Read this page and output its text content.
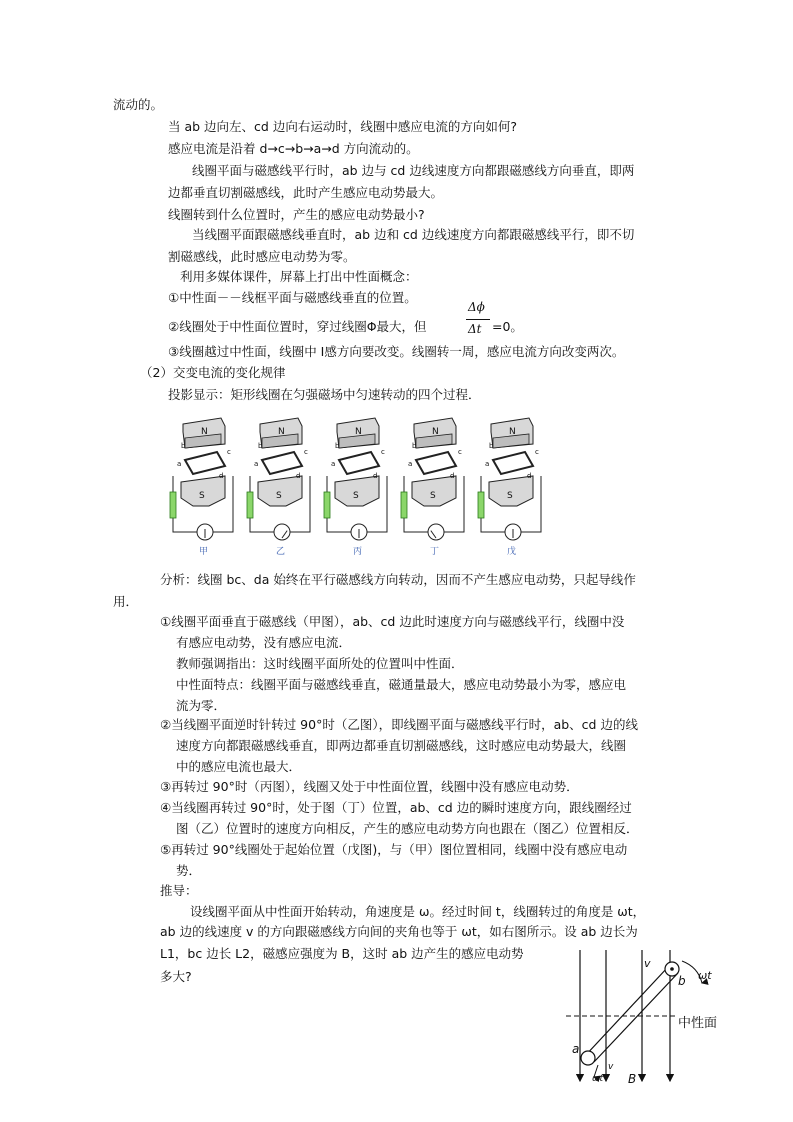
流动的。
当 ab 边向左、cd 边向右运动时，线圈中感应电流的方向如何?
感应电流是沿着 d→c→b→a→d 方向流动的。
线圈平面与磁感线平行时，ab 边与 cd 边线速度方向都跟磁感线方向垂直，即两
边都垂直切割磁感线，此时产生感应电动势最大。
线圈转到什么位置时，产生的感应电动势最小?
当线圈平面跟磁感线垂直时，ab 边和 cd 边线速度方向都跟磁感线平行，即不切
割磁感线，此时感应电动势为零。
利用多媒体课件，屏幕上打出中性面概念：
①中性面－－线框平面与磁感线垂直的位置。
②线圈处于中性面位置时，穿过线圈Φ最大，但
Δϕ
Δt =0。
③线圈越过中性面，线圈中 I感方向要改变。线圈转一周，感应电流方向改变两次。
（2）交变电流的变化规律
投影显示：矩形线圈在匀强磁场中匀速转动的四个过程．
N
S
a
b
c
d
甲
N
S
a
b
c
d
乙
N
S
a
b
c
d
丙
N
S
a
b
c
d
丁
N
S
a
b
c
d
戊
分析：线圈 bc、da 始终在平行磁感线方向转动，因而不产生感应电动势，只起导线作
用．
①线圈平面垂直于磁感线（甲图），ab、cd 边此时速度方向与磁感线平行，线圈中没
有感应电动势，没有感应电流．
教师强调指出：这时线圈平面所处的位置叫中性面．
中性面特点：线圈平面与磁感线垂直，磁通量最大，感应电动势最小为零，感应电
流为零．
②当线圈平面逆时针转过 90°时（乙图），即线圈平面与磁感线平行时，ab、cd 边的线
速度方向都跟磁感线垂直，即两边都垂直切割磁感线，这时感应电动势最大，线圈
中的感应电流也最大．
③再转过 90°时（丙图），线圈又处于中性面位置，线圈中没有感应电动势．
④当线圈再转过 90°时，处于图（丁）位置，ab、cd 边的瞬时速度方向，跟线圈经过
图（乙）位置时的速度方向相反，产生的感应电动势方向也跟在（图乙）位置相反．
⑤再转过 90°线圈处于起始位置（戊图)，与（甲）图位置相同，线圈中没有感应电动
势．
推导：
设线圈平面从中性面开始转动，角速度是 ω。经过时间 t，线圈转过的角度是 ωt，
ab 边的线速度 v 的方向跟磁感线方向间的夹角也等于 ωt，如右图所示。设 ab 边长为
L1，bc 边长 L2，磁感应强度为 B，这时 ab 边产生的感应电动势
多大?
中性面
a
b
v
v
ωt
ωt B
